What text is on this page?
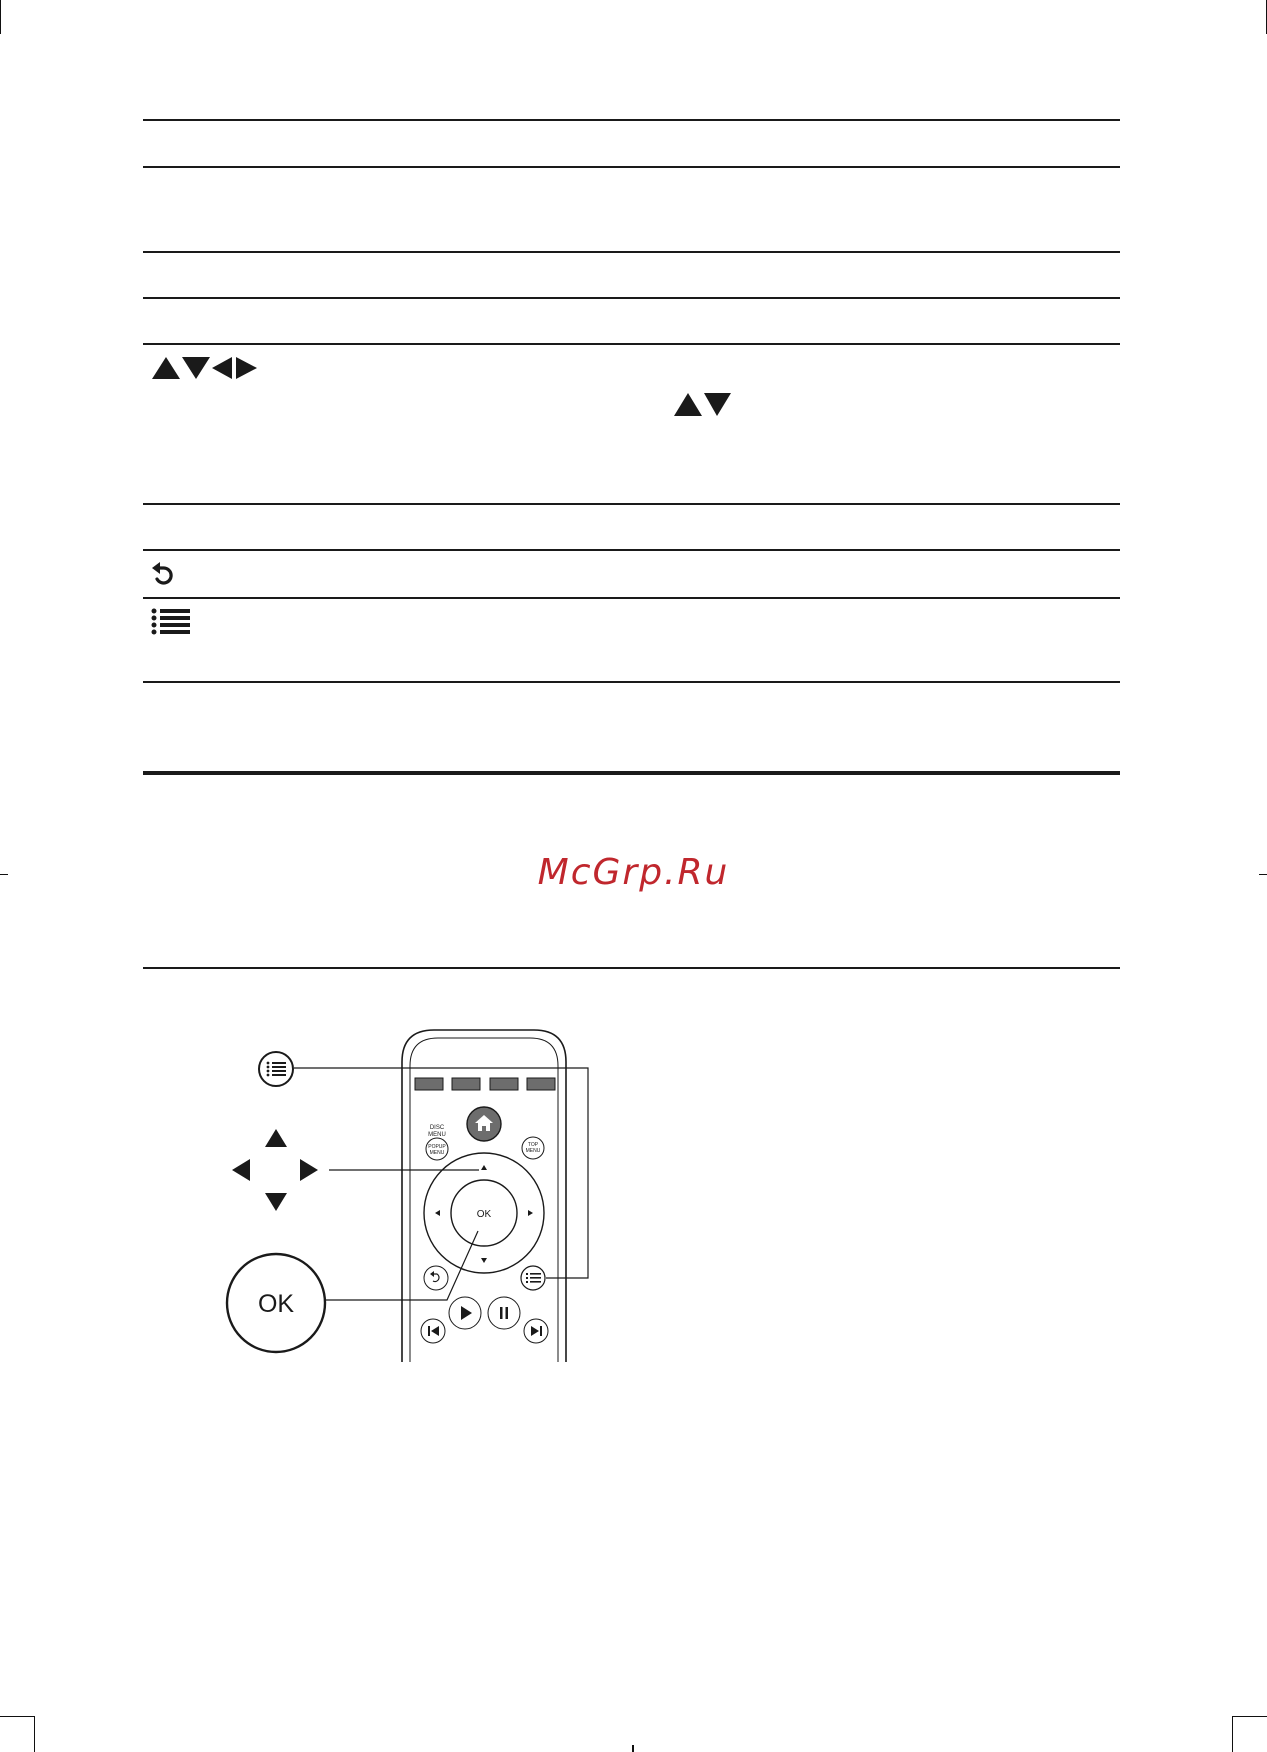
McGrp.Ru
DISC
MENU
POPUP
MENU
TOP
MENU
OK
OK
